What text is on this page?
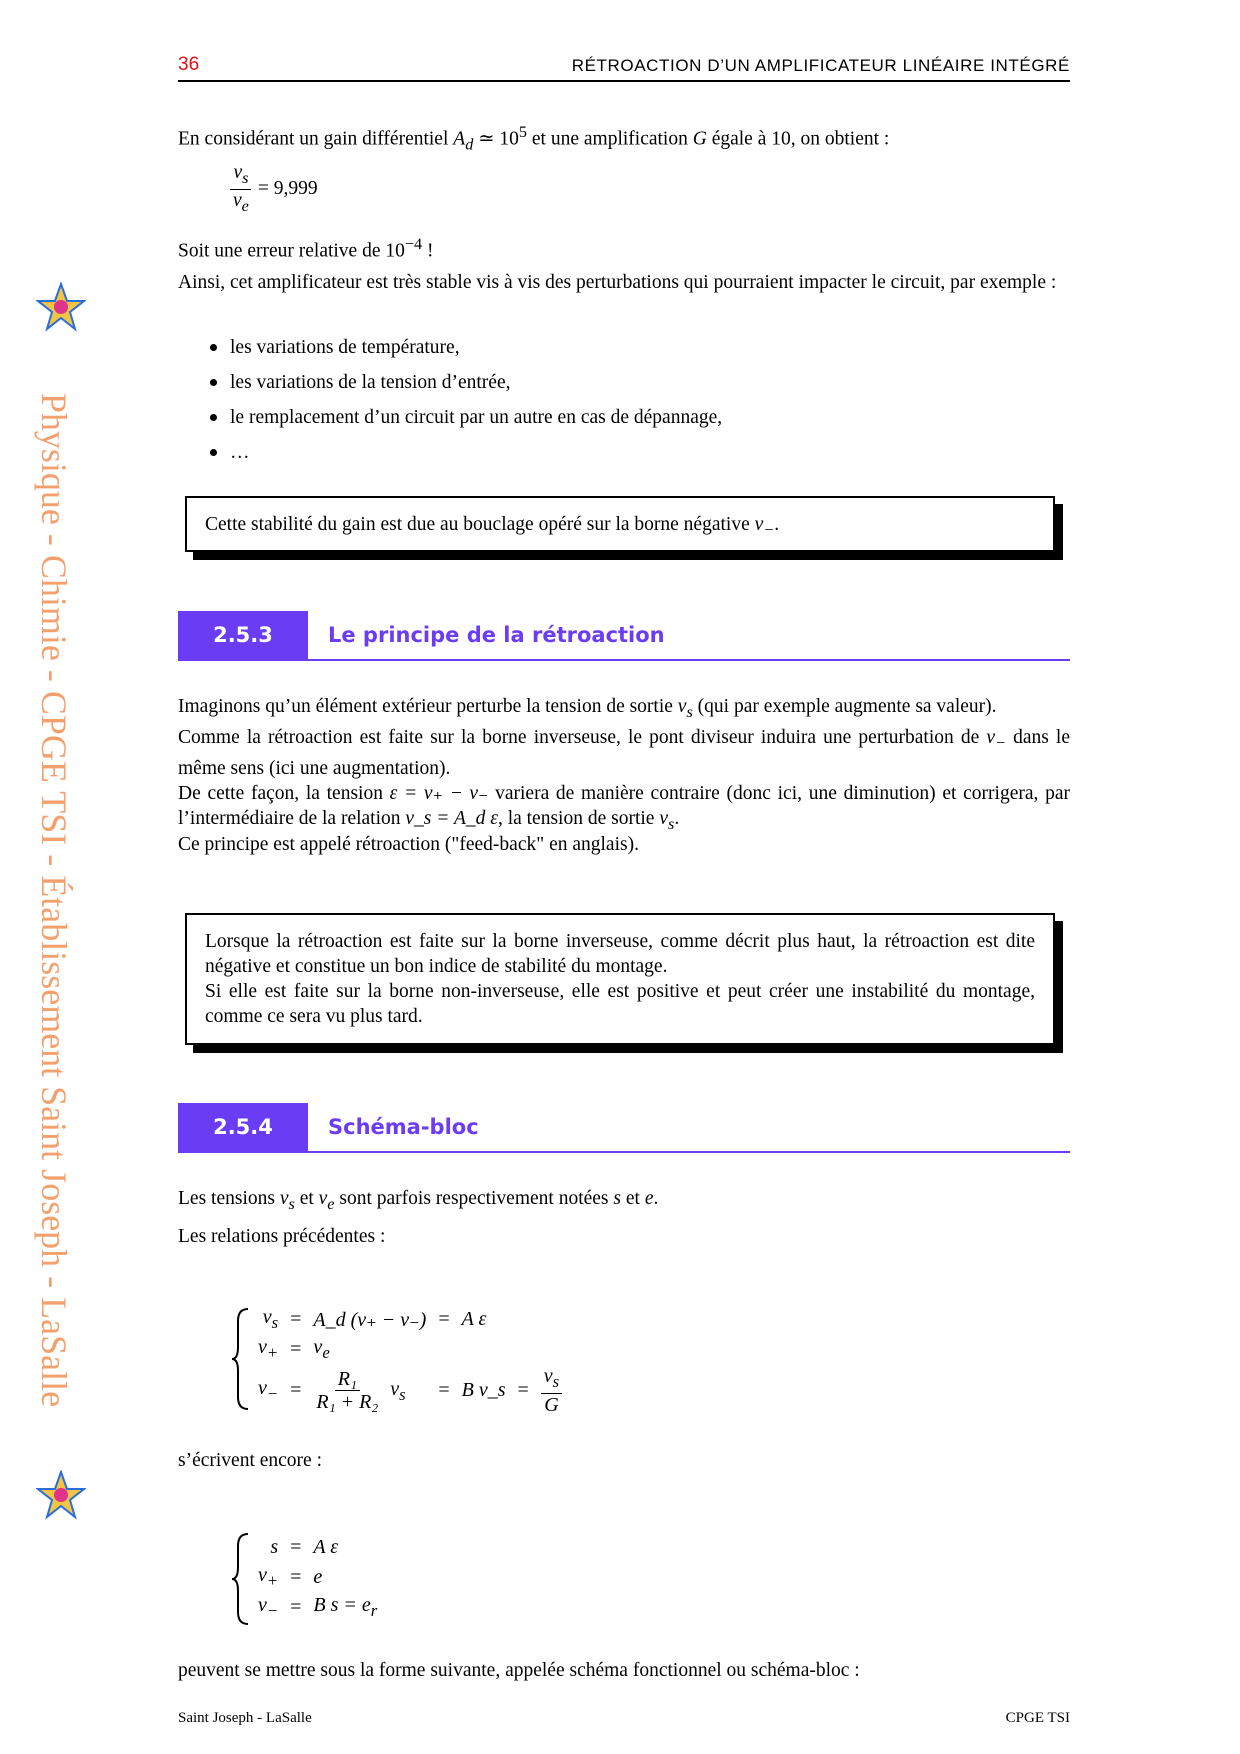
36	RÉTROACTION D’UN AMPLIFICATEUR LINÉAIRE INTÉGRÉ
Physique - Chimie - CPGE TSI - Établissement Saint Joseph - LaSalle
En considérant un gain différentiel $A_d$ ≃ $10^5$ et une amplification G égale à 10, on obtient :
$\frac{v_s}{v_e} = 9,999$
Soit une erreur relative de $10^{-4}$ !
Ainsi, cet amplificateur est très stable vis à vis des perturbations qui pourraient impacter le circuit, par exemple :
les variations de température,
les variations de la tension d’entrée,
le remplacement d’un circuit par un autre en cas de dépannage,
…
Cette stabilité du gain est due au bouclage opéré sur la borne négative $v_-$.
2.5.3	Le principe de la rétroaction
Imaginons qu’un élément extérieur perturbe la tension de sortie $v_s$ (qui par exemple augmente sa valeur).
Comme la rétroaction est faite sur la borne inverseuse, le pont diviseur induira une perturbation de $v_-$ dans le même sens (ici une augmentation).
De cette façon, la tension ε = v₊ − v₋ variera de manière contraire (donc ici, une diminution) et corrigera, par l’intermédiaire de la relation v_s = A_d ε, la tension de sortie $v_s$.
Ce principe est appelé rétroaction ("feed-back" en anglais).
Lorsque la rétroaction est faite sur la borne inverseuse, comme décrit plus haut, la rétroaction est dite négative et constitue un bon indice de stabilité du montage.
Si elle est faite sur la borne non-inverseuse, elle est positive et peut créer une instabilité du montage, comme ce sera vu plus tard.
2.5.4	Schéma-bloc
Les tensions $v_s$ et $v_e$ sont parfois respectivement notées s et e.
Les relations précédentes :
$v_s$	=	A_d (v₊ − v₋)	=	A ε		
$v_+$	=	$v_e$				
$v_-$	=	$\frac{\text{R₁}}{\text{R₁ + R₂}} v_s$	=	B v_s	=	$\frac{v_s}{G}$
s’écrivent encore :
s	=	A ε
$v_+$	=	e
$v_-$	=	B $s = e_r$
peuvent se mettre sous la forme suivante, appelée schéma fonctionnel ou schéma-bloc :
Saint Joseph - LaSalle	CPGE TSI
